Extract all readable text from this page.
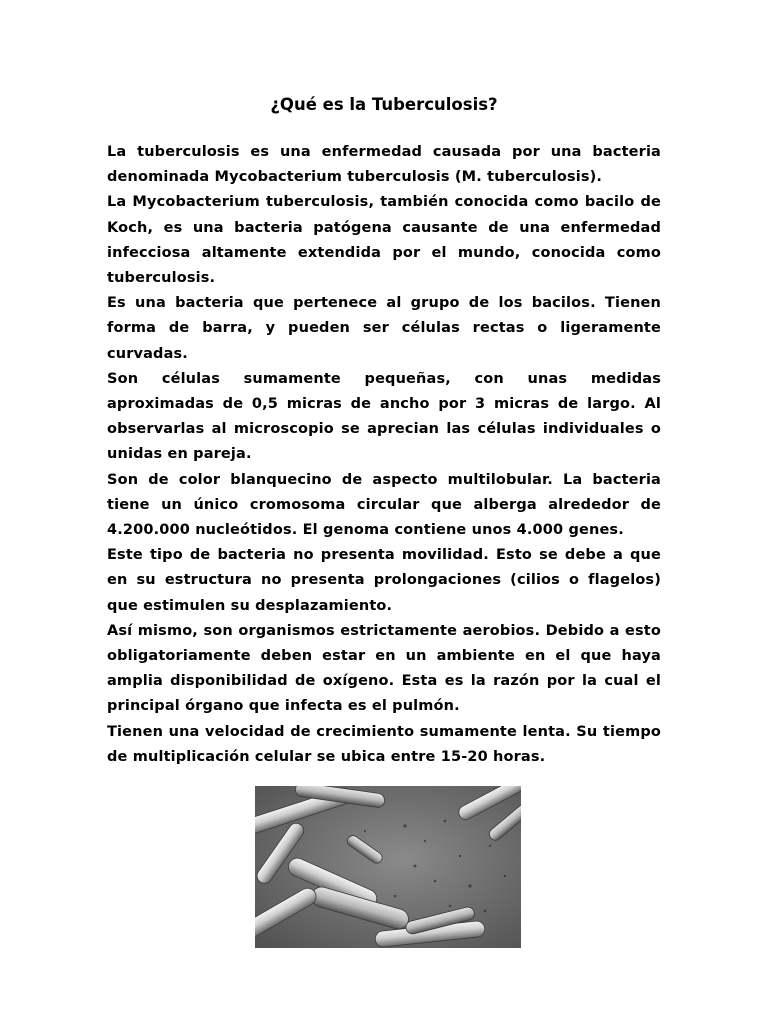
¿Qué es la Tuberculosis?

La tuberculosis es una enfermedad causada por una bacteria denominada Mycobacterium tuberculosis (M. tuberculosis).

La Mycobacterium tuberculosis, también conocida como bacilo de Koch, es una bacteria patógena causante de una enfermedad infecciosa altamente extendida por el mundo, conocida como tuberculosis.

Es una bacteria que pertenece al grupo de los bacilos. Tienen forma de barra, y pueden ser células rectas o ligeramente curvadas.

Son células sumamente pequeñas, con unas medidas aproximadas de 0,5 micras de ancho por 3 micras de largo. Al observarlas al microscopio se aprecian las células individuales o unidas en pareja.

Son de color blanquecino de aspecto multilobular. La bacteria tiene un único cromosoma circular que alberga alrededor de 4.200.000 nucleótidos. El genoma contiene unos 4.000 genes.

Este tipo de bacteria no presenta movilidad. Esto se debe a que en su estructura no presenta prolongaciones (cilios o flagelos) que estimulen su desplazamiento.

Así mismo, son organismos estrictamente aerobios. Debido a esto obligatoriamente deben estar en un ambiente en el que haya amplia disponibilidad de oxígeno. Esta es la razón por la cual el principal órgano que infecta es el pulmón.

Tienen una velocidad de crecimiento sumamente lenta. Su tiempo de multiplicación celular se ubica entre 15-20 horas.
